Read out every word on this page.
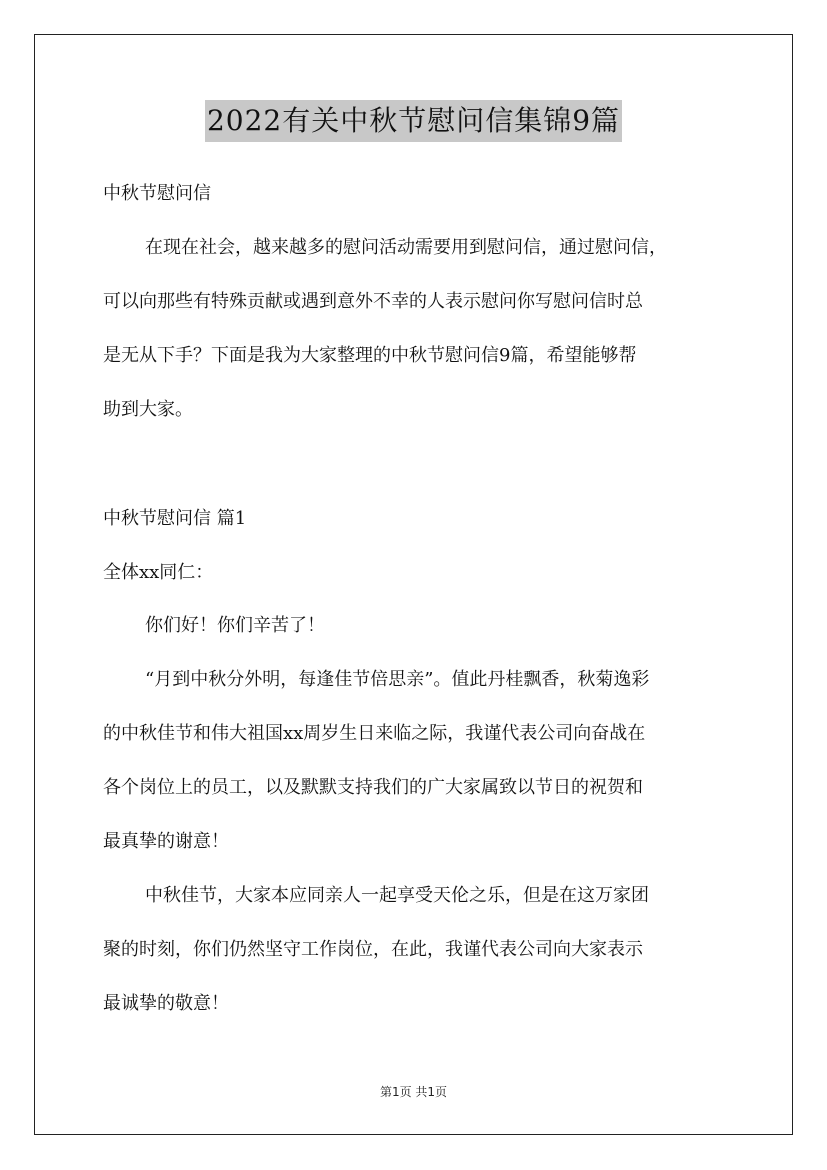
2022有关中秋节慰问信集锦9篇
中秋节慰问信
在现在社会，越来越多的慰问活动需要用到慰问信，通过慰问信，
可以向那些有特殊贡献或遇到意外不幸的人表示慰问你写慰问信时总
是无从下手？下面是我为大家整理的中秋节慰问信9篇，希望能够帮
助到大家。
中秋节慰问信 篇1
全体xx同仁：
你们好！你们辛苦了！
“月到中秋分外明，每逢佳节倍思亲”。值此丹桂飘香，秋菊逸彩
的中秋佳节和伟大祖国xx周岁生日来临之际，我谨代表公司向奋战在
各个岗位上的员工，以及默默支持我们的广大家属致以节日的祝贺和
最真挚的谢意！
中秋佳节，大家本应同亲人一起享受天伦之乐，但是在这万家团
聚的时刻，你们仍然坚守工作岗位，在此，我谨代表公司向大家表示
最诚挚的敬意！
第1页 共1页
